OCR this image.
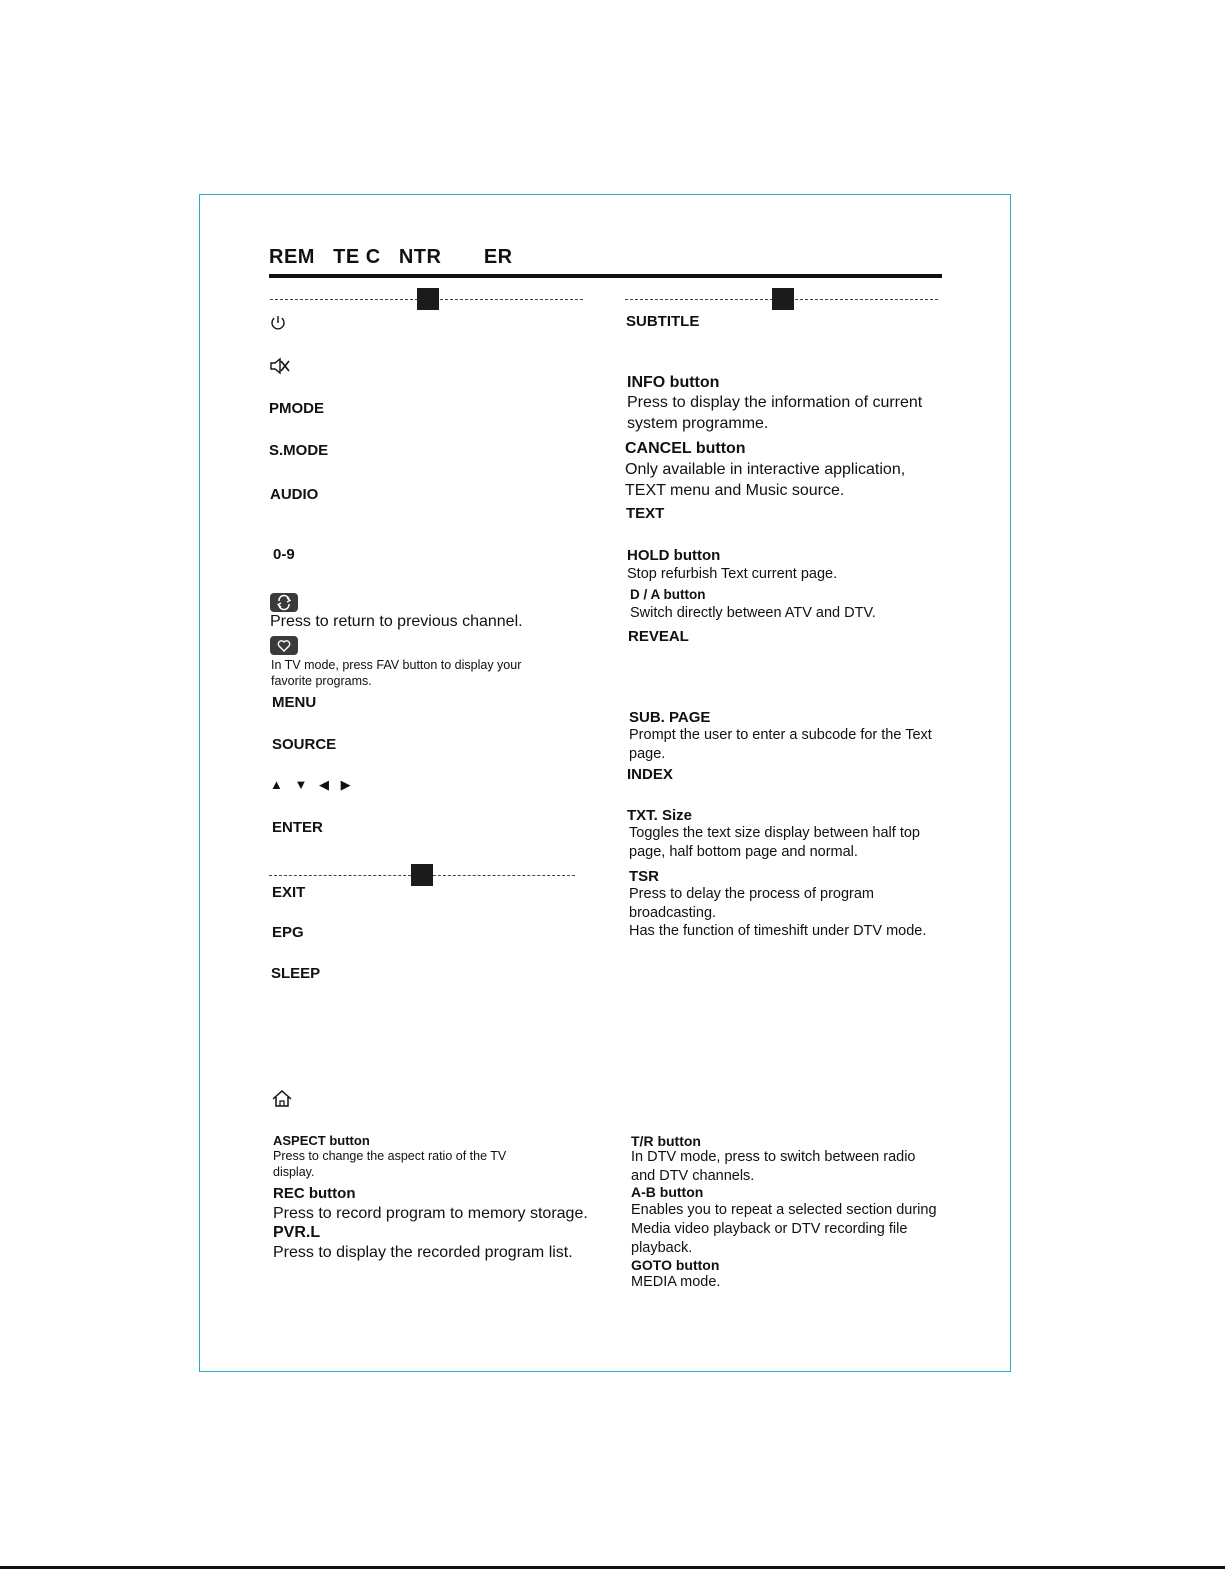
REM   TE C   NTR       ER
PMODE
S.MODE
AUDIO
0-9
Press to return to previous channel.
In TV mode, press FAV button to display your favorite programs.
MENU
SOURCE
▲ ▼ ◀ ▶
ENTER
EXIT
EPG
SLEEP
ASPECT button
Press to change the aspect ratio of the TV display.
REC button
Press to record program to memory storage.
PVR.L
Press to display the recorded program list.
SUBTITLE
INFO button
Press to display the information of current system programme.
CANCEL button
Only available in interactive application, TEXT menu and Music source.
TEXT
HOLD button
Stop refurbish Text current page.
D / A button
Switch directly between ATV and DTV.
REVEAL
SUB. PAGE
Prompt the user to enter a subcode for the Text page.
INDEX
TXT. Size
Toggles the text size display between half top page, half bottom page and normal.
TSR
Press to delay the process of program broadcasting.
Has the function of timeshift under DTV mode.
T/R button
In DTV mode, press to switch between radio and DTV channels.
A-B button
Enables you to repeat a selected section during Media video playback or DTV recording file playback.
GOTO button
MEDIA mode.
